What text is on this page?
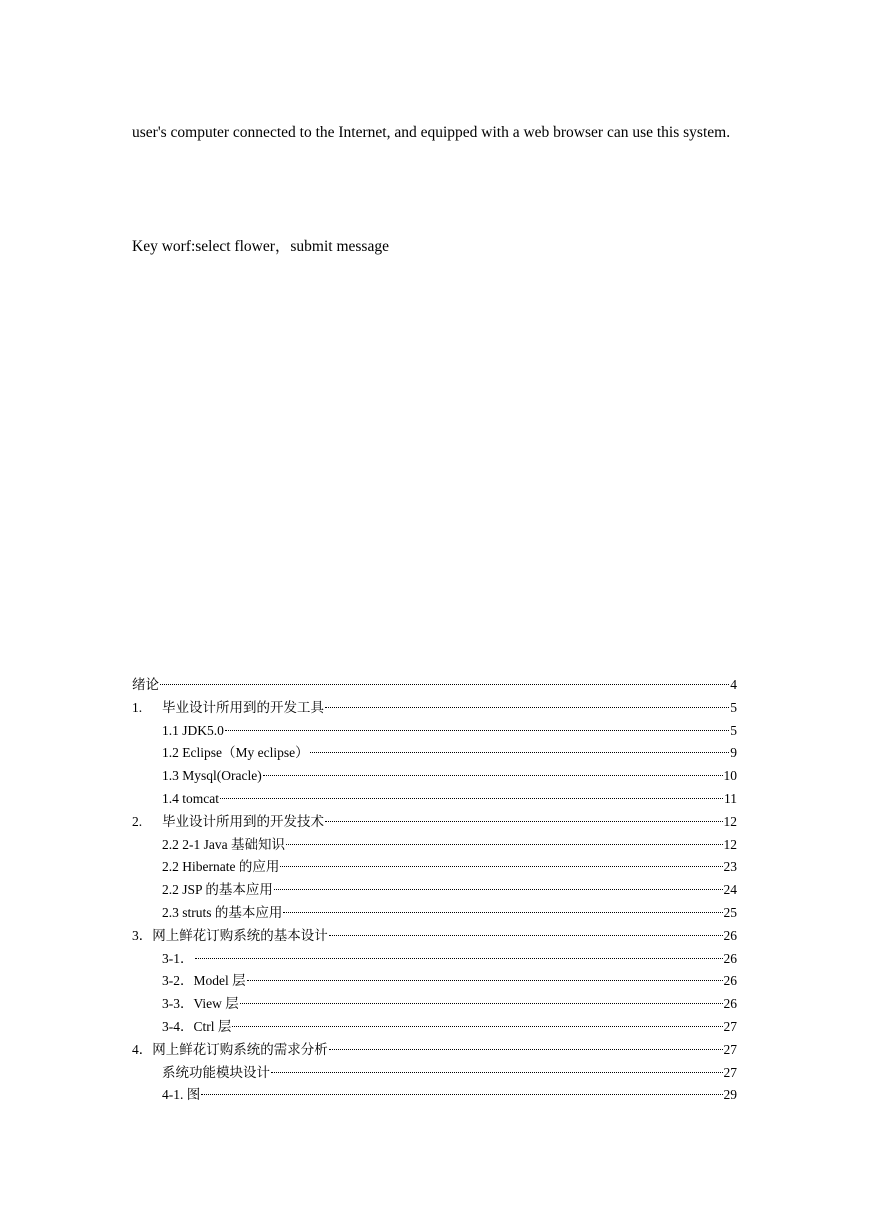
user's computer connected to the Internet, and equipped with a web browser can use this system.

Key worf:select flower，submit message

绪论	4
1.	毕业设计所用到的开发工具	5
1.1 JDK5.0	5
1.2 Eclipse（My eclipse）	9
1.3 Mysql(Oracle)	10
1.4 tomcat	11
2.	毕业设计所用到的开发技术	12
2.2 2-1 Java 基础知识	12
2.2 Hibernate 的应用	23
2.2 JSP 的基本应用	24
2.3 struts 的基本应用	25
3．网上鲜花订购系统的基本设计	26
3-1．	26
3-2．Model 层	26
3-3．View 层	26
3-4．Ctrl 层	27
4．网上鲜花订购系统的需求分析	27
系统功能模块设计	27
4-1. 图	29
